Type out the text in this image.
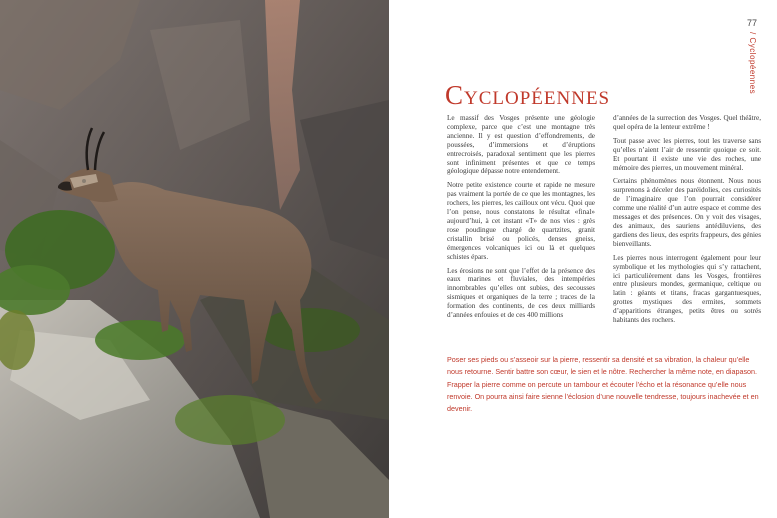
77
/ Cyclopéennes
Cyclopéennes

Le massif des Vosges présente une géologie complexe, parce que c’est une montagne très ancienne. Il y est question d’effondrements, de poussées, d’immersions et d’éruptions entrecroisés, paradoxal sentiment que les pierres sont infiniment présentes et que ce temps géologique dépasse notre entendement.

Notre petite existence courte et rapide ne mesure pas vraiment la portée de ce que les montagnes, les rochers, les pierres, les cailloux ont vécu. Quoi que l’on pense, nous constatons le résultat «final» aujourd’hui, à cet instant «T» de nos vies : grès rose poudingue chargé de quartzites, granit cristallin brisé ou policés, denses gneiss, émergences volcaniques ici ou là et quelques schistes épars.

Les érosions ne sont que l’effet de la présence des eaux marines et fluviales, des intempéries innombrables qu’elles ont subies, des secousses sismiques et organiques de la terre ; traces de la formation des continents, de ces deux milliards d’années enfouies et de ces 400 millions

d’années de la surrection des Vosges. Quel théâtre, quel opéra de la lenteur extrême !

Tout passe avec les pierres, tout les traverse sans qu’elles n’aient l’air de ressentir quoique ce soit. Et pourtant il existe une vie des roches, une mémoire des pierres, un mouvement minéral.

Certains phénomènes nous étonnent. Nous nous surprenons à déceler des paréidolies, ces curiosités de l’imaginaire que l’on pourrait considérer comme une réalité d’un autre espace et comme des messages et des présences. On y voit des visages, des animaux, des sauriens antédiluviens, des gardiens des lieux, des esprits frappeurs, des génies bienveillants.

Les pierres nous interrogent également pour leur symbolique et les mythologies qui s’y rattachent, ici particulièrement dans les Vosges, frontières entre plusieurs mondes, germanique, celtique ou latin : géants et titans, fracas gargantuesques, grottes mystiques des ermites, sommets d’apparitions étranges, petits êtres ou sotrés habitants des rochers.

Poser ses pieds ou s’asseoir sur la pierre, ressentir sa densité et sa vibration, la chaleur qu’elle nous retourne. Sentir battre son cœur, le sien et le nôtre. Rechercher la même note, en diapason. Frapper la pierre comme on percute un tambour et écouter l’écho et la résonance qu’elle nous renvoie. On pourra ainsi faire sienne l’éclosion d’une nouvelle tendresse, toujours inachevée et en devenir.
